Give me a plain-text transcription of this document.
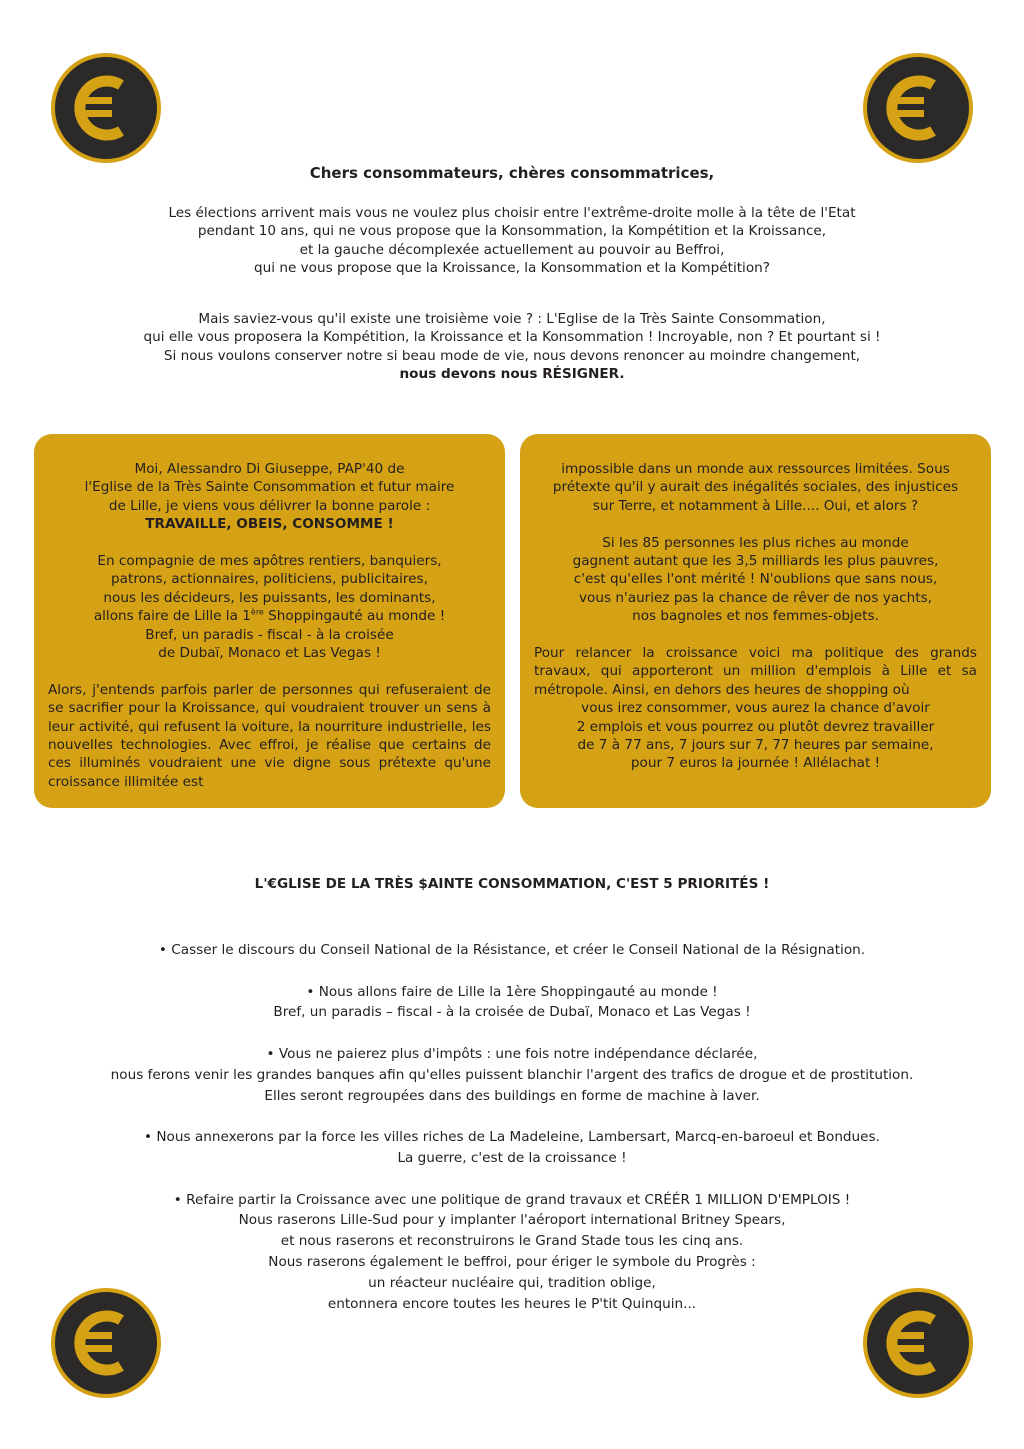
Chers consommateurs, chères consommatrices,
Les élections arrivent mais vous ne voulez plus choisir entre l'extrême-droite molle à la tête de l'Etat
pendant 10 ans, qui ne vous propose que la Konsommation, la Kompétition et la Kroissance,
et la gauche décomplexée actuellement au pouvoir au Beffroi,
qui ne vous propose que la Kroissance, la Konsommation et la Kompétition?
Mais saviez-vous qu'il existe une troisième voie ? : L'Eglise de la Très Sainte Consommation,
qui elle vous proposera la Kompétition, la Kroissance et la Konsommation ! Incroyable, non ? Et pourtant si !
Si nous voulons conserver notre si beau mode de vie, nous devons renoncer au moindre changement,
nous devons nous RÉSIGNER.
Moi, Alessandro Di Giuseppe, PAP'40 de
l'Eglise de la Très Sainte Consommation et futur maire
de Lille, je viens vous délivrer la bonne parole :
TRAVAILLE, OBEIS, CONSOMME !
En compagnie de mes apôtres rentiers, banquiers,
patrons, actionnaires, politiciens, publicitaires,
nous les décideurs, les puissants, les dominants,
allons faire de Lille la 1ère Shoppingauté au monde !
Bref, un paradis - fiscal - à la croisée
de Dubaï, Monaco et Las Vegas !
Alors, j'entends parfois parler de personnes qui refuseraient de se sacrifier pour la Kroissance, qui voudraient trouver un sens à leur activité, qui refusent la voiture, la nourriture industrielle, les nouvelles technologies. Avec effroi, je réalise que certains de ces illuminés voudraient une vie digne sous prétexte qu'une croissance illimitée est
impossible dans un monde aux ressources limitées. Sous
prétexte qu'il y aurait des inégalités sociales, des injustices
sur Terre, et notamment à Lille.... Oui, et alors ?
Si les 85 personnes les plus riches au monde
gagnent autant que les 3,5 milliards les plus pauvres,
c'est qu'elles l'ont mérité ! N'oublions que sans nous,
vous n'auriez pas la chance de rêver de nos yachts,
nos bagnoles et nos femmes-objets.
Pour relancer la croissance voici ma politique des grands travaux, qui apporteront un million d'emplois à Lille et sa métropole. Ainsi, en dehors des heures de shopping où
vous irez consommer, vous aurez la chance d'avoir
2 emplois et vous pourrez ou plutôt devrez travailler
de 7 à 77 ans, 7 jours sur 7, 77 heures par semaine,
pour 7 euros la journée ! Allélachat !
L'€GLISE DE LA TRÈS $AINTE CONSOMMATION, C'EST 5 PRIORITÉS !
• Casser le discours du Conseil National de la Résistance, et créer le Conseil National de la Résignation.
• Nous allons faire de Lille la 1ère Shoppingauté au monde !
Bref, un paradis – fiscal - à la croisée de Dubaï, Monaco et Las Vegas !
• Vous ne paierez plus d'impôts : une fois notre indépendance déclarée,
nous ferons venir les grandes banques afin qu'elles puissent blanchir l'argent des trafics de drogue et de prostitution.
Elles seront regroupées dans des buildings en forme de machine à laver.
• Nous annexerons par la force les villes riches de La Madeleine, Lambersart, Marcq-en-baroeul et Bondues.
La guerre, c'est de la croissance !
• Refaire partir la Croissance avec une politique de grand travaux et CRÉÉR 1 MILLION D'EMPLOIS !
Nous raserons Lille-Sud pour y implanter l'aéroport international Britney Spears,
et nous raserons et reconstruirons le Grand Stade tous les cinq ans.
Nous raserons également le beffroi, pour ériger le symbole du Progrès :
un réacteur nucléaire qui, tradition oblige,
entonnera encore toutes les heures le P'tit Quinquin...
